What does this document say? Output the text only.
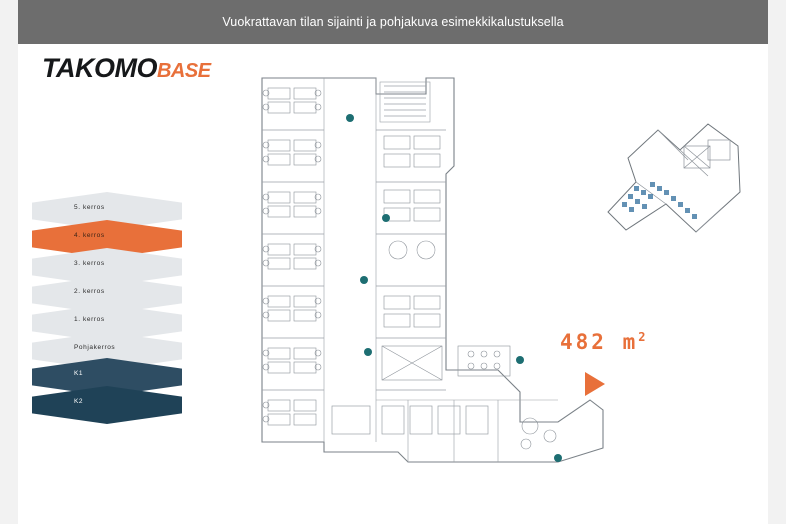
Vuokrattavan tilan sijainti ja pohjakuva esimekkikalustuksella
TAKOMOBASE
5. kerros
4. kerros
3. kerros
2. kerros
1. kerros
Pohjakerros
K1
K2
482 $m^2$
